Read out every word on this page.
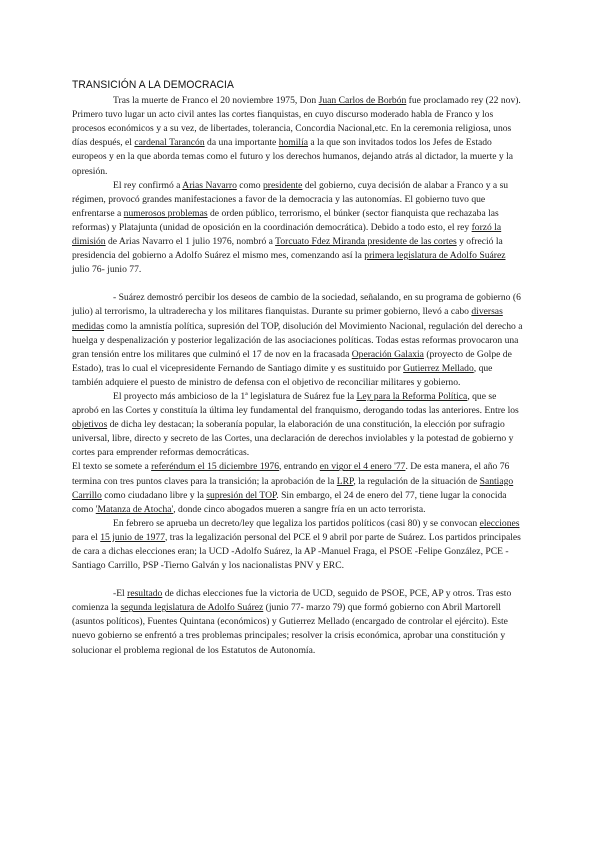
TRANSICIÓN A LA DEMOCRACIA

Tras la muerte de Franco el 20 noviembre 1975, Don Juan Carlos de Borbón fue proclamado rey (22 nov). Primero tuvo lugar un acto civil antes las cortes fianquistas, en cuyo discurso moderado habla de Franco y los procesos económicos y a su vez, de libertades, tolerancia, Concordia Nacional,etc. En la ceremonia religiosa, unos días después, el cardenal Tarancón da una importante homilía a la que son invitados todos los Jefes de Estado europeos y en la que aborda temas como el futuro y los derechos humanos, dejando atrás al dictador, la muerte y la opresión.

El rey confirmó a Arias Navarro como presidente del gobierno, cuya decisión de alabar a Franco y a su régimen, provocó grandes manifestaciones a favor de la democracia y las autonomías. El gobierno tuvo que enfrentarse a numerosos problemas de orden público, terrorismo, el búnker (sector fianquista que rechazaba las reformas) y Platajunta (unidad de oposición en la coordinación democrática). Debido a todo esto, el rey forzó la dimisión de Arias Navarro el 1 julio 1976, nombró a Torcuato Fdez Miranda presidente de las cortes y ofreció la presidencia del gobierno a Adolfo Suárez el mismo mes, comenzando así la primera legislatura de Adolfo Suárez julio 76- junio 77.

- Suárez demostró percibir los deseos de cambio de la sociedad, señalando, en su programa de gobierno (6 julio) al terrorismo, la ultraderecha y los militares fianquistas. Durante su primer gobierno, llevó a cabo diversas medidas como la amnistía política, supresión del TOP, disolución del Movimiento Nacional, regulación del derecho a huelga y despenalización y posterior legalización de las asociaciones políticas. Todas estas reformas provocaron una gran tensión entre los militares que culminó el 17 de nov en la fracasada Operación Galaxia (proyecto de Golpe de Estado), tras lo cual el vicepresidente Fernando de Santiago dimite y es sustituido por Gutierrez Mellado, que también adquiere el puesto de ministro de defensa con el objetivo de reconciliar militares y gobierno.

El proyecto más ambicioso de la 1ª legislatura de Suárez fue la Ley para la Reforma Política, que se aprobó en las Cortes y constituía la última ley fundamental del franquismo, derogando todas las anteriores. Entre los objetivos de dicha ley destacan; la soberanía popular, la elaboración de una constitución, la elección por sufragio universal, libre, directo y secreto de las Cortes, una declaración de derechos inviolables y la potestad de gobierno y cortes para emprender reformas democráticas.

El texto se somete a referéndum el 15 diciembre 1976, entrando en vigor el 4 enero '77. De esta manera, el año 76 termina con tres puntos claves para la transición; la aprobación de la LRP, la regulación de la situación de Santiago Carrillo como ciudadano libre y la supresión del TOP. Sin embargo, el 24 de enero del 77, tiene lugar la conocida como 'Matanza de Atocha', donde cinco abogados mueren a sangre fría en un acto terrorista.

En febrero se aprueba un decreto/ley que legaliza los partidos políticos (casi 80) y se convocan elecciones para el 15 junio de 1977, tras la legalización personal del PCE el 9 abril por parte de Suárez. Los partidos principales de cara a dichas elecciones eran; la UCD -Adolfo Suárez, la AP -Manuel Fraga, el PSOE -Felipe González, PCE -Santiago Carrillo, PSP -Tierno Galván y los nacionalistas PNV y ERC.

-El resultado de dichas elecciones fue la victoria de UCD, seguido de PSOE, PCE, AP y otros. Tras esto comienza la segunda legislatura de Adolfo Suárez (junio 77- marzo 79) que formó gobierno con Abril Martorell (asuntos políticos), Fuentes Quintana (económicos) y Gutierrez Mellado (encargado de controlar el ejército). Este nuevo gobierno se enfrentó a tres problemas principales; resolver la crisis económica, aprobar una constitución y solucionar el problema regional de los Estatutos de Autonomía.
